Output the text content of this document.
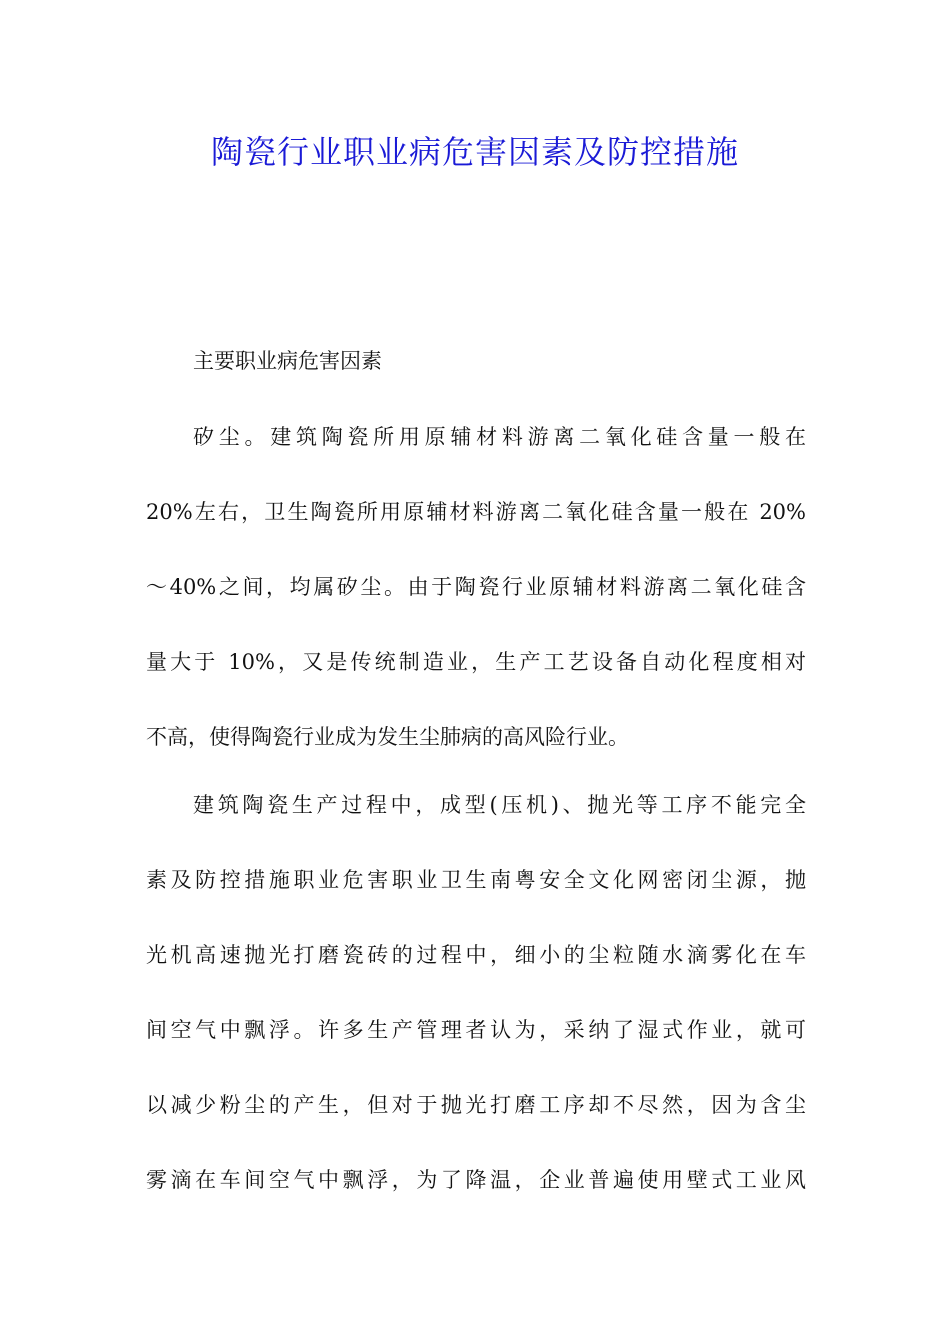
陶瓷行业职业病危害因素及防控措施
主要职业病危害因素

矽尘。建筑陶瓷所用原辅材料游离二氧化硅含量一般在
20%左右，卫生陶瓷所用原辅材料游离二氧化硅含量一般在 20%
～40%之间，均属矽尘。由于陶瓷行业原辅材料游离二氧化硅含
量大于 10%，又是传统制造业，生产工艺设备自动化程度相对
不高，使得陶瓷行业成为发生尘肺病的高风险行业。

建筑陶瓷生产过程中，成型(压机)、抛光等工序不能完全
素及防控措施职业危害职业卫生南粤安全文化网密闭尘源，抛
光机高速抛光打磨瓷砖的过程中，细小的尘粒随水滴雾化在车
间空气中飘浮。许多生产管理者认为，采纳了湿式作业，就可
以减少粉尘的产生，但对于抛光打磨工序却不尽然，因为含尘
雾滴在车间空气中飘浮，为了降温，企业普遍使用壁式工业风
